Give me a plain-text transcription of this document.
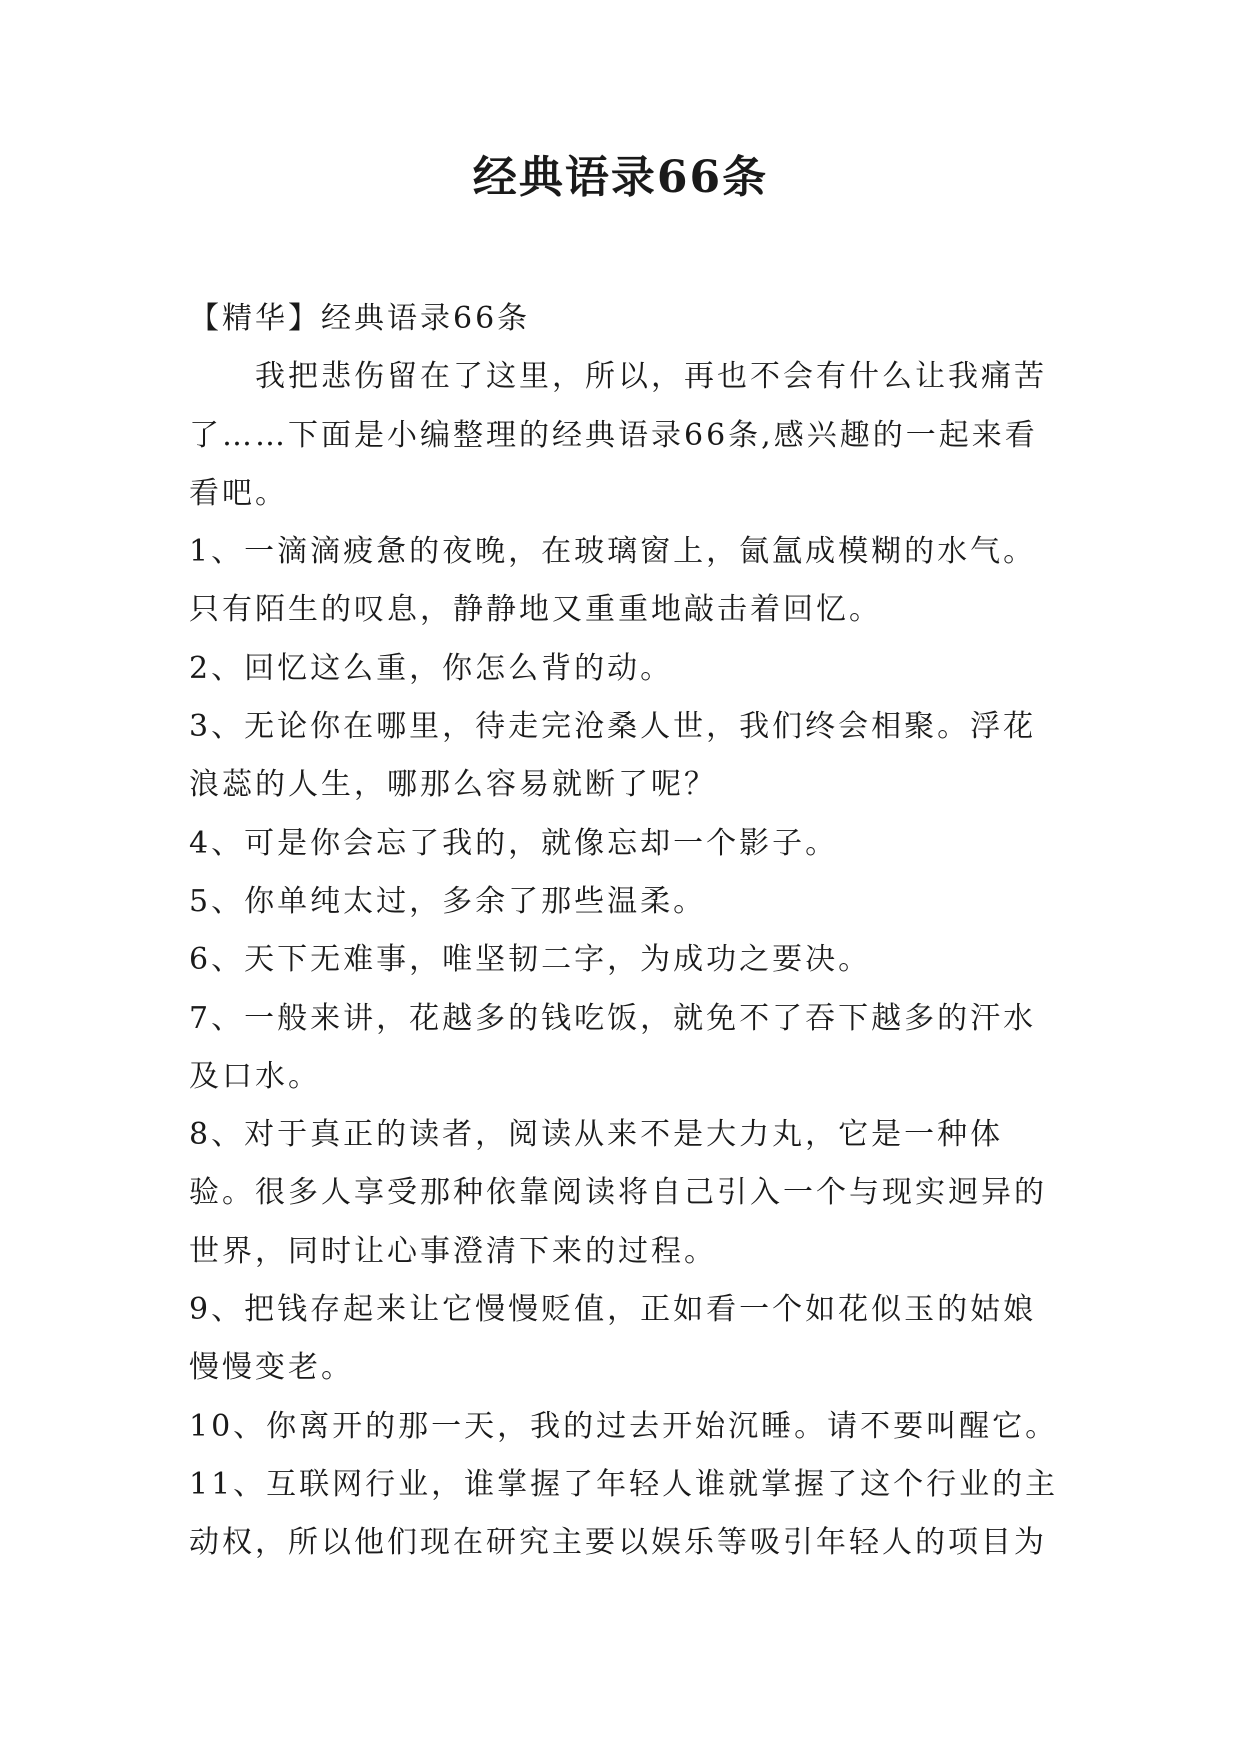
经典语录66条

【精华】经典语录66条

我把悲伤留在了这里，所以，再也不会有什么让我痛苦了……下面是小编整理的经典语录66条,感兴趣的一起来看看吧。

1、一滴滴疲惫的夜晚，在玻璃窗上，氤氲成模糊的水气。只有陌生的叹息，静静地又重重地敲击着回忆。

2、回忆这么重，你怎么背的动。

3、无论你在哪里，待走完沧桑人世，我们终会相聚。浮花浪蕊的人生，哪那么容易就断了呢？

4、可是你会忘了我的，就像忘却一个影子。

5、你单纯太过，多余了那些温柔。

6、天下无难事，唯坚韧二字，为成功之要决。

7、一般来讲，花越多的钱吃饭，就免不了吞下越多的汗水及口水。

8、对于真正的读者，阅读从来不是大力丸，它是一种体验。很多人享受那种依靠阅读将自己引入一个与现实迥异的世界，同时让心事澄清下来的过程。

9、把钱存起来让它慢慢贬值，正如看一个如花似玉的姑娘慢慢变老。

10、你离开的那一天，我的过去开始沉睡。请不要叫醒它。

11、互联网行业，谁掌握了年轻人谁就掌握了这个行业的主动权，所以他们现在研究主要以娱乐等吸引年轻人的项目为
